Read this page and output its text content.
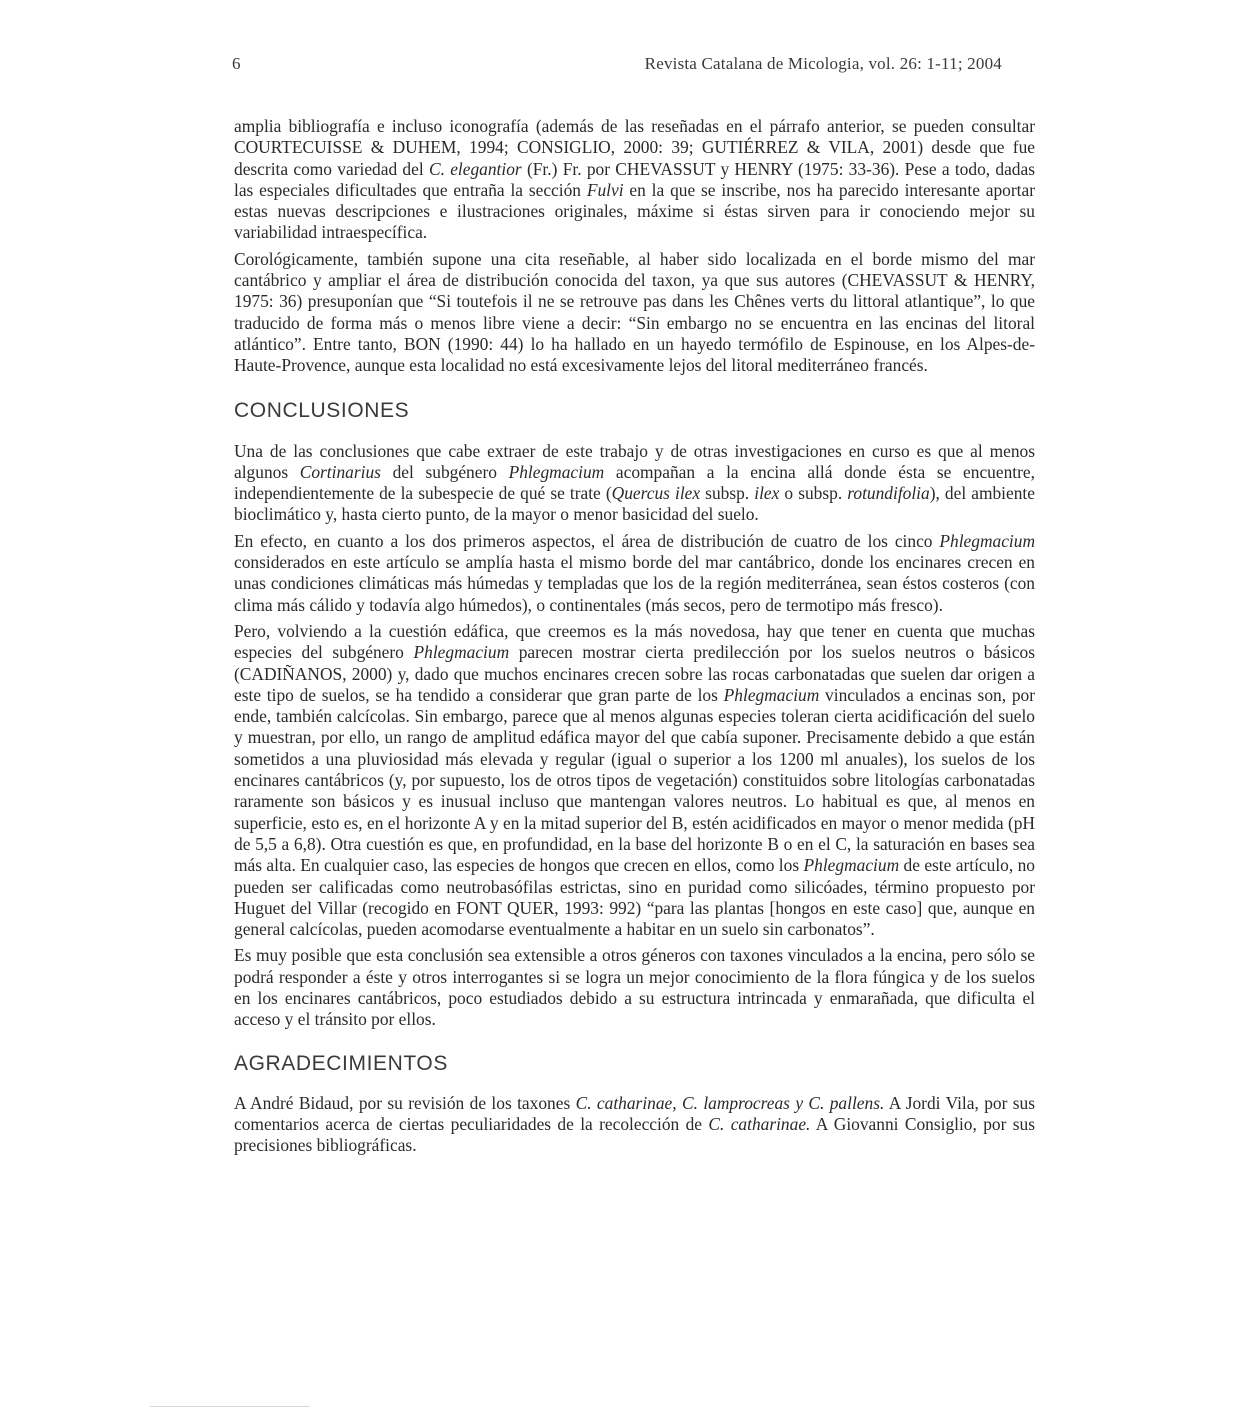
6	Revista Catalana de Micologia, vol. 26: 1-11; 2004

amplia bibliografía e incluso iconografía (además de las reseñadas en el párrafo anterior, se pueden consultar COURTECUISSE & DUHEM, 1994; CONSIGLIO, 2000: 39; GUTIÉRREZ & VILA, 2001) desde que fue descrita como variedad del C. elegantior (Fr.) Fr. por CHEVASSUT y HENRY (1975: 33-36). Pese a todo, dadas las especiales dificultades que entraña la sección Fulvi en la que se inscribe, nos ha parecido interesante aportar estas nuevas descripciones e ilustraciones originales, máxime si éstas sirven para ir conociendo mejor su variabilidad intraespecífica.

Corológicamente, también supone una cita reseñable, al haber sido localizada en el borde mismo del mar cantábrico y ampliar el área de distribución conocida del taxon, ya que sus autores (CHEVASSUT & HENRY, 1975: 36) presuponían que “Si toutefois il ne se retrouve pas dans les Chênes verts du littoral atlantique”, lo que traducido de forma más o menos libre viene a decir: “Sin embargo no se encuentra en las encinas del litoral atlántico”. Entre tanto, BON (1990: 44) lo ha hallado en un hayedo termófilo de Espinouse, en los Alpes-de-Haute-Provence, aunque esta localidad no está excesivamente lejos del litoral mediterráneo francés.

CONCLUSIONES

Una de las conclusiones que cabe extraer de este trabajo y de otras investigaciones en curso es que al menos algunos Cortinarius del subgénero Phlegmacium acompañan a la encina allá donde ésta se encuentre, independientemente de la subespecie de qué se trate (Quercus ilex subsp. ilex o subsp. rotundifolia), del ambiente bioclimático y, hasta cierto punto, de la mayor o menor basicidad del suelo.

En efecto, en cuanto a los dos primeros aspectos, el área de distribución de cuatro de los cinco Phlegmacium considerados en este artículo se amplía hasta el mismo borde del mar cantábrico, donde los encinares crecen en unas condiciones climáticas más húmedas y templadas que los de la región mediterránea, sean éstos costeros (con clima más cálido y todavía algo húmedos), o continentales (más secos, pero de termotipo más fresco).

Pero, volviendo a la cuestión edáfica, que creemos es la más novedosa, hay que tener en cuenta que muchas especies del subgénero Phlegmacium parecen mostrar cierta predilección por los suelos neutros o básicos (CADIÑANOS, 2000) y, dado que muchos encinares crecen sobre las rocas carbonatadas que suelen dar origen a este tipo de suelos, se ha tendido a considerar que gran parte de los Phlegmacium vinculados a encinas son, por ende, también calcícolas. Sin embargo, parece que al menos algunas especies toleran cierta acidificación del suelo y muestran, por ello, un rango de amplitud edáfica mayor del que cabía suponer. Precisamente debido a que están sometidos a una pluviosidad más elevada y regular (igual o superior a los 1200 ml anuales), los suelos de los encinares cantábricos (y, por supuesto, los de otros tipos de vegetación) constituidos sobre litologías carbonatadas raramente son básicos y es inusual incluso que mantengan valores neutros. Lo habitual es que, al menos en superficie, esto es, en el horizonte A y en la mitad superior del B, estén acidificados en mayor o menor medida (pH de 5,5 a 6,8). Otra cuestión es que, en profundidad, en la base del horizonte B o en el C, la saturación en bases sea más alta. En cualquier caso, las especies de hongos que crecen en ellos, como los Phlegmacium de este artículo, no pueden ser calificadas como neutrobasófilas estrictas, sino en puridad como silicóades, término propuesto por Huguet del Villar (recogido en FONT QUER, 1993: 992) “para las plantas [hongos en este caso] que, aunque en general calcícolas, pueden acomodarse eventualmente a habitar en un suelo sin carbonatos”.

Es muy posible que esta conclusión sea extensible a otros géneros con taxones vinculados a la encina, pero sólo se podrá responder a éste y otros interrogantes si se logra un mejor conocimiento de la flora fúngica y de los suelos en los encinares cantábricos, poco estudiados debido a su estructura intrincada y enmarañada, que dificulta el acceso y el tránsito por ellos.

AGRADECIMIENTOS

A André Bidaud, por su revisión de los taxones C. catharinae, C. lamprocreas y C. pallens. A Jordi Vila, por sus comentarios acerca de ciertas peculiaridades de la recolección de C. catharinae. A Giovanni Consiglio, por sus precisiones bibliográficas.
